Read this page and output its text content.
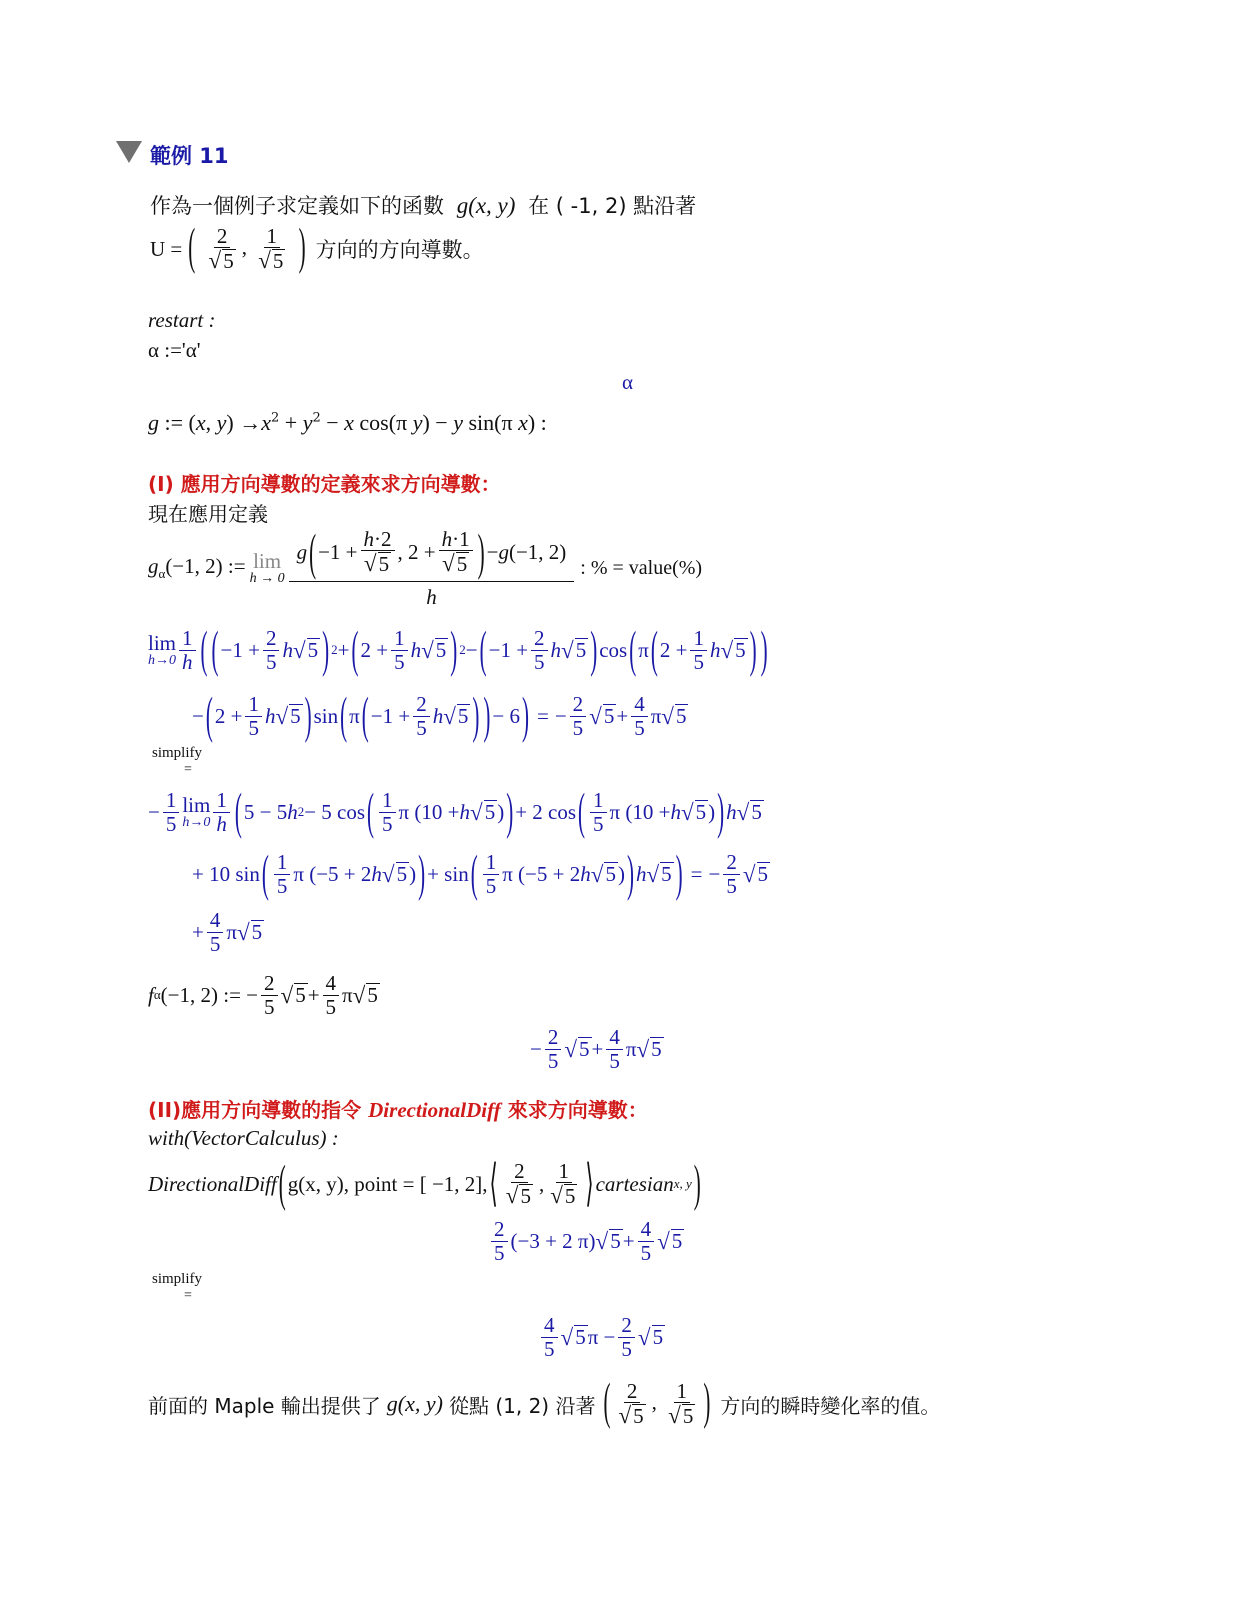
範例 11
作為一個例子求定義如下的函數 g(x, y) 在 ( -1, 2) 點沿著
U = ( $\frac{2}{√5}$ , $\frac{1}{√5}$ ) 方向的方向導數。
restart :
α :='α'
α
g := (x, $y) \to x^2 + y^2 - x$ cos(π y) − y sin(π x) :
(I) 應用方向導數的定義來求方向導數：
現在應用定義
$g_\alpha(-1$, 2) := lim
$h \to 0 \frac{g ( -1 + \frac{h\cdot 2}{√5} , 2 + \frac{h\cdot 1}{√5} ) - g (-1, 2)}{h}$ : % = value(%)
lim
$h\to 0 \frac{1}{h}$ ( ( $-1 + \frac{2}{5}$ h √ 5 ) 2 + ( $2 + \frac{1}{5}$ h √ 5 ) 2 − ( $-1 + \frac{2}{5}$ h √ 5 ) cos ( π ( $2 + \frac{1}{5}$ h √ 5 ) )
− ( $2 + \frac{1}{5}$ h √ 5 ) sin ( π ( $-1 + \frac{2}{5}$ h √ 5 ) ) − 6 ) = − $\frac{2}{5}$ √ $5 + \frac{4}{5}$ π √ 5
simplify
=
− $\frac{1}{5}$ lim
$h\to 0 \frac{1}{h}$ ( 5 − 5 h 2 − 5 cos ( $\frac{1}{5}$ π (10 + h √ 5 ) ) + 2 cos ( $\frac{1}{5}$ π (10 + h √ 5 ) ) h √ 5
+ 10 sin ( $\frac{1}{5}$ π (−5 + 2 h √ 5 ) ) + sin ( $\frac{1}{5}$ π (−5 + 2 h √ 5 ) ) h √ 5 ) = − $\frac{2}{5}$ √ 5
+ $\frac{4}{5}$ π √ 5
f α (−1, 2) := − $\frac{2}{5}$ √ $5 + \frac{4}{5}$ π √ 5
− $\frac{2}{5}$ √ $5 + \frac{4}{5}$ π √ 5
(II)應用方向導數的指令 DirectionalDiff 來求方向導數：
with(VectorCalculus) :
DirectionalDiff ( g(x, y), point = [ −1, 2], ⟨ $\frac{2}{√5}$ , $\frac{1}{√5}$ ⟩ cartesian x, y )
$\frac{2}{5} (-3 + 2$ π) √ $5 + \frac{4}{5}$ √ 5
simplify
=
$\frac{4}{5}$ √ 5 $\pi - \frac{2}{5}$ √ 5
前面的 Maple 輸出提供了 g(x, y) 從點 (1, 2) 沿著 ( $\frac{2}{√5}$ , $\frac{1}{√5}$ ) 方向的瞬時變化率的值。
